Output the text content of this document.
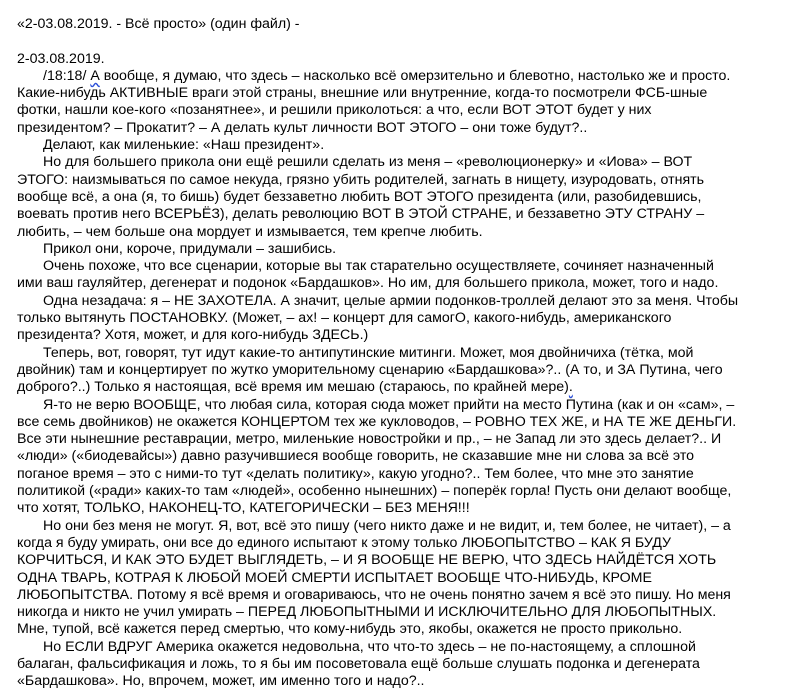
«2-03.08.2019. - Всё просто» (один файл) -
2-03.08.2019.
/18:18/ А вообще, я думаю, что здесь – насколько всё омерзительно и блевотно, настолько же и просто.
Какие-нибудь АКТИВНЫЕ враги этой страны, внешние или внутренние, когда-то посмотрели ФСБ-шные
фотки, нашли кое-кого «позанятнее», и решили приколоться: а что, если ВОТ ЭТОТ будет у них
президентом? – Прокатит? – А делать культ личности ВОТ ЭТОГО – они тоже будут?..
Делают, как миленькие: «Наш президент».
Но для большего прикола они ещё решили сделать из меня – «революционерку» и «Иова» – ВОТ
ЭТОГО: наизмываться по самое некуда, грязно убить родителей, загнать в нищету, изуродовать, отнять
вообще всё, а она (я, то бишь) будет беззаветно любить ВОТ ЭТОГО президента (или, разобидевшись,
воевать против него ВСЕРЬЁЗ), делать революцию ВОТ В ЭТОЙ СТРАНЕ, и беззаветно ЭТУ СТРАНУ –
любить, – чем больше она мордует и измывается, тем крепче любить.
Прикол они, короче, придумали – зашибись.
Очень похоже, что все сценарии, которые вы так старательно осуществляете, сочиняет назначенный
ими ваш гауляйтер, дегенерат и подонок «Бардашков». Но им, для большего прикола, может, того и надо.
Одна незадача: я – НЕ ЗАХОТЕЛА. А значит, целые армии подонков-троллей делают это за меня. Чтобы
только вытянуть ПОСТАНОВКУ. (Может, – ах! – концерт для самогО, какого-нибудь, американского
президента? Хотя, может, и для кого-нибудь ЗДЕСЬ.)
Теперь, вот, говорят, тут идут какие-то антипутинские митинги. Может, моя двойничиха (тётка, мой
двойник) там и концертирует по жутко уморительному сценарию «Бардашкова»?.. (А то, и ЗА Путина, чего
доброго?..) Только я настоящая, всё время им мешаю (стараюсь, по крайней мере).
Я-то не верю ВООБЩЕ, что любая сила, которая сюда может прийти на место Путина (как и он «сам», –
все семь двойников) не окажется КОНЦЕРТОМ тех же кукловодов, – РОВНО ТЕХ ЖЕ, и НА ТЕ ЖЕ ДЕНЬГИ.
Все эти нынешние реставрации, метро, миленькие новостройки и пр., – не Запад ли это здесь делает?.. И
«люди» («биодевайсы») давно разучившиеся вообще говорить, не сказавшие мне ни слова за всё это
поганое время – это с ними-то тут «делать политику», какую угодно?.. Тем более, что мне это занятие
политикой («ради» каких-то там «людей», особенно нынешних) – поперёк горла! Пусть они делают вообще,
что хотят, ТОЛЬКО, НАКОНЕЦ-ТО, КАТЕГОРИЧЕСКИ – БЕЗ МЕНЯ!!!
Но они без меня не могут. Я, вот, всё это пишу (чего никто даже и не видит, и, тем более, не читает), – а
когда я буду умирать, они все до единого испытают к этому только ЛЮБОПЫТСТВО – КАК Я БУДУ
КОРЧИТЬСЯ, И КАК ЭТО БУДЕТ ВЫГЛЯДЕТЬ, – И Я ВООБЩЕ НЕ ВЕРЮ, ЧТО ЗДЕСЬ НАЙДЁТСЯ ХОТЬ
ОДНА ТВАРЬ, КОТРАЯ К ЛЮБОЙ МОЕЙ СМЕРТИ ИСПЫТАЕТ ВООБЩЕ ЧТО-НИБУДЬ, КРОМЕ
ЛЮБОПЫТСТВА. Потому я всё время и оговариваюсь, что не очень понятно зачем я всё это пишу. Но меня
никогда и никто не учил умирать – ПЕРЕД ЛЮБОПЫТНЫМИ И ИСКЛЮЧИТЕЛЬНО ДЛЯ ЛЮБОПЫТНЫХ.
Мне, тупой, всё кажется перед смертью, что кому-нибудь это, якобы, окажется не просто прикольно.
Но ЕСЛИ ВДРУГ Америка окажется недовольна, что что-то здесь – не по-настоящему, а сплошной
балаган, фальсификация и ложь, то я бы им посоветовала ещё больше слушать подонка и дегенерата
«Бардашкова». Но, впрочем, может, им именно того и надо?..
